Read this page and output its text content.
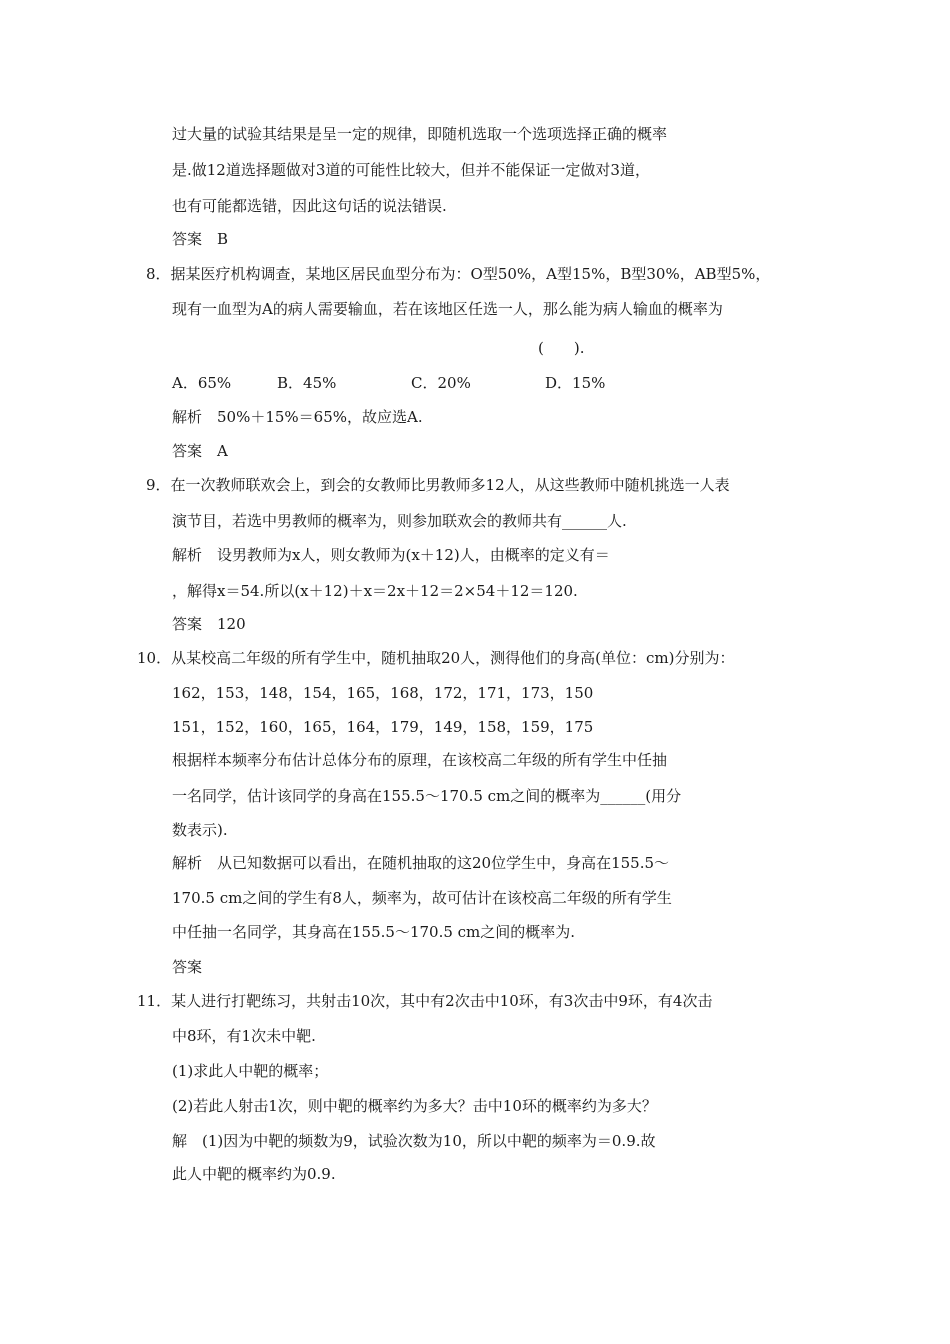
过大量的试验其结果是呈一定的规律，即随机选取一个选项选择正确的概率
是.做12道选择题做对3道的可能性比较大，但并不能保证一定做对3道，
也有可能都选错，因此这句话的说法错误.
答案　B
8．据某医疗机构调查，某地区居民血型分布为：O型50%，A型15%，B型30%，AB型5%，
现有一血型为A的病人需要输血，若在该地区任选一人，那么能为病人输血的概率为
(　　).
A．65%	B．45%	C．20%	D．15%
解析　50%＋15%＝65%，故应选A.
答案　A
9．在一次教师联欢会上，到会的女教师比男教师多12人，从这些教师中随机挑选一人表
演节目，若选中男教师的概率为，则参加联欢会的教师共有______人.
解析　设男教师为x人，则女教师为(x＋12)人，由概率的定义有＝
，解得x＝54.所以(x＋12)＋x＝2x＋12＝2×54＋12＝120.
答案　120
10．从某校高二年级的所有学生中，随机抽取20人，测得他们的身高(单位：cm)分别为：
162，153，148，154，165，168，172，171，173，150
151，152，160，165，164，179，149，158，159，175
根据样本频率分布估计总体分布的原理，在该校高二年级的所有学生中任抽
一名同学，估计该同学的身高在155.5～170.5 cm之间的概率为______(用分
数表示).
解析　从已知数据可以看出，在随机抽取的这20位学生中，身高在155.5～
170.5 cm之间的学生有8人，频率为，故可估计在该校高二年级的所有学生
中任抽一名同学，其身高在155.5～170.5 cm之间的概率为.
答案
11．某人进行打靶练习，共射击10次，其中有2次击中10环，有3次击中9环，有4次击
中8环，有1次未中靶.
(1)求此人中靶的概率；
(2)若此人射击1次，则中靶的概率约为多大？击中10环的概率约为多大？
解　(1)因为中靶的频数为9，试验次数为10，所以中靶的频率为＝0.9.故
此人中靶的概率约为0.9.
